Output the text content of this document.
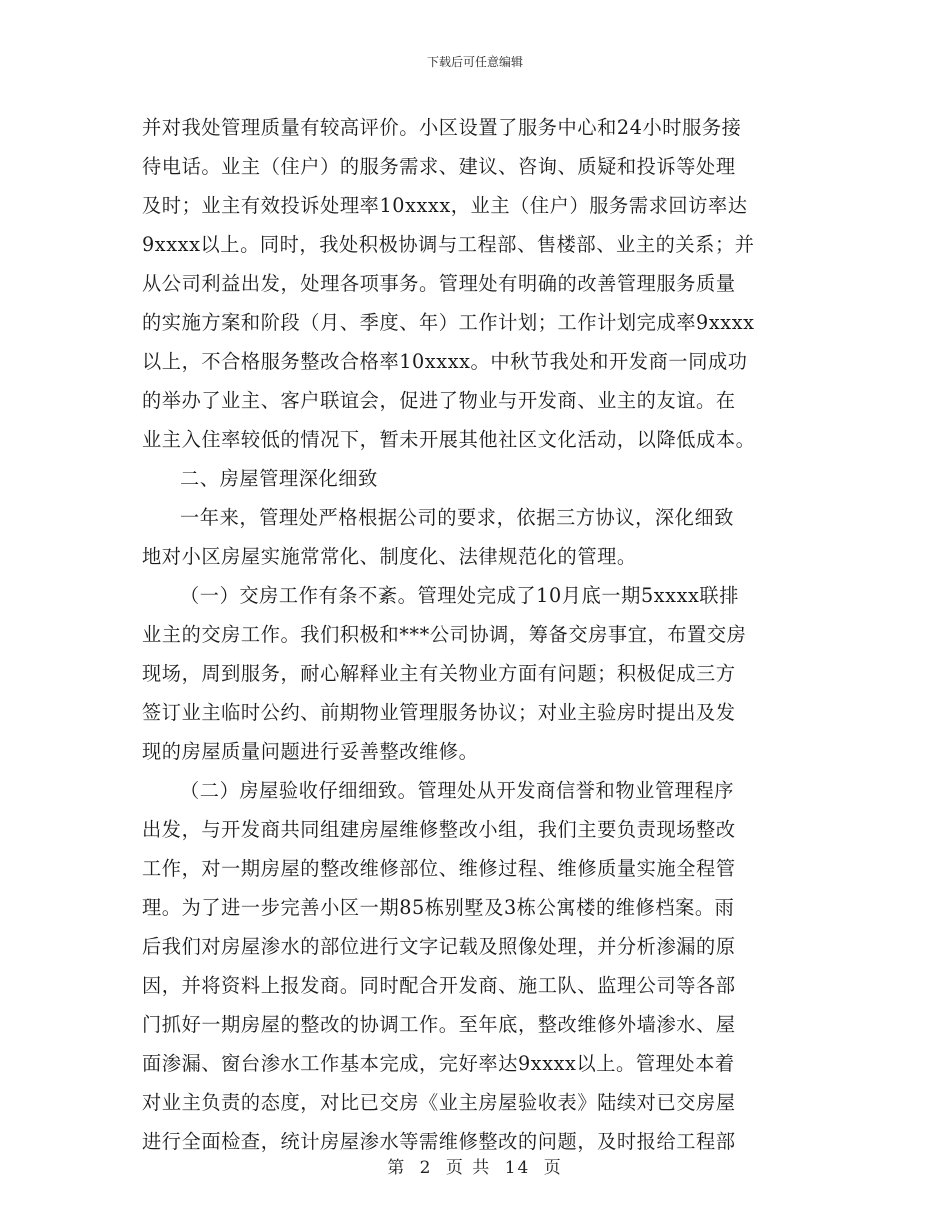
下载后可任意编辑
并对我处管理质量有较高评价。小区设置了服务中心和24小时服务接
待电话。业主（住户）的服务需求、建议、咨询、质疑和投诉等处理
及时；业主有效投诉处理率10xxxx，业主（住户）服务需求回访率达
9xxxx以上。同时，我处积极协调与工程部、售楼部、业主的关系；并
从公司利益出发，处理各项事务。管理处有明确的改善管理服务质量
的实施方案和阶段（月、季度、年）工作计划；工作计划完成率9xxxx
以上，不合格服务整改合格率10xxxx。中秋节我处和开发商一同成功
的举办了业主、客户联谊会，促进了物业与开发商、业主的友谊。在
业主入住率较低的情况下，暂未开展其他社区文化活动，以降低成本。
二、房屋管理深化细致
一年来，管理处严格根据公司的要求，依据三方协议，深化细致
地对小区房屋实施常常化、制度化、法律规范化的管理。
（一）交房工作有条不紊。管理处完成了10月底一期5xxxx联排
业主的交房工作。我们积极和***公司协调，筹备交房事宜，布置交房
现场，周到服务，耐心解释业主有关物业方面有问题；积极促成三方
签订业主临时公约、前期物业管理服务协议；对业主验房时提出及发
现的房屋质量问题进行妥善整改维修。
（二）房屋验收仔细细致。管理处从开发商信誉和物业管理程序
出发，与开发商共同组建房屋维修整改小组，我们主要负责现场整改
工作，对一期房屋的整改维修部位、维修过程、维修质量实施全程管
理。为了进一步完善小区一期85栋别墅及3栋公寓楼的维修档案。雨
后我们对房屋渗水的部位进行文字记载及照像处理，并分析渗漏的原
因，并将资料上报发商。同时配合开发商、施工队、监理公司等各部
门抓好一期房屋的整改的协调工作。至年底，整改维修外墙渗水、屋
面渗漏、窗台渗水工作基本完成，完好率达9xxxx以上。管理处本着
对业主负责的态度，对比已交房《业主房屋验收表》陆续对已交房屋
进行全面检查，统计房屋渗水等需维修整改的问题，及时报给工程部
第 2 页 共 14 页
